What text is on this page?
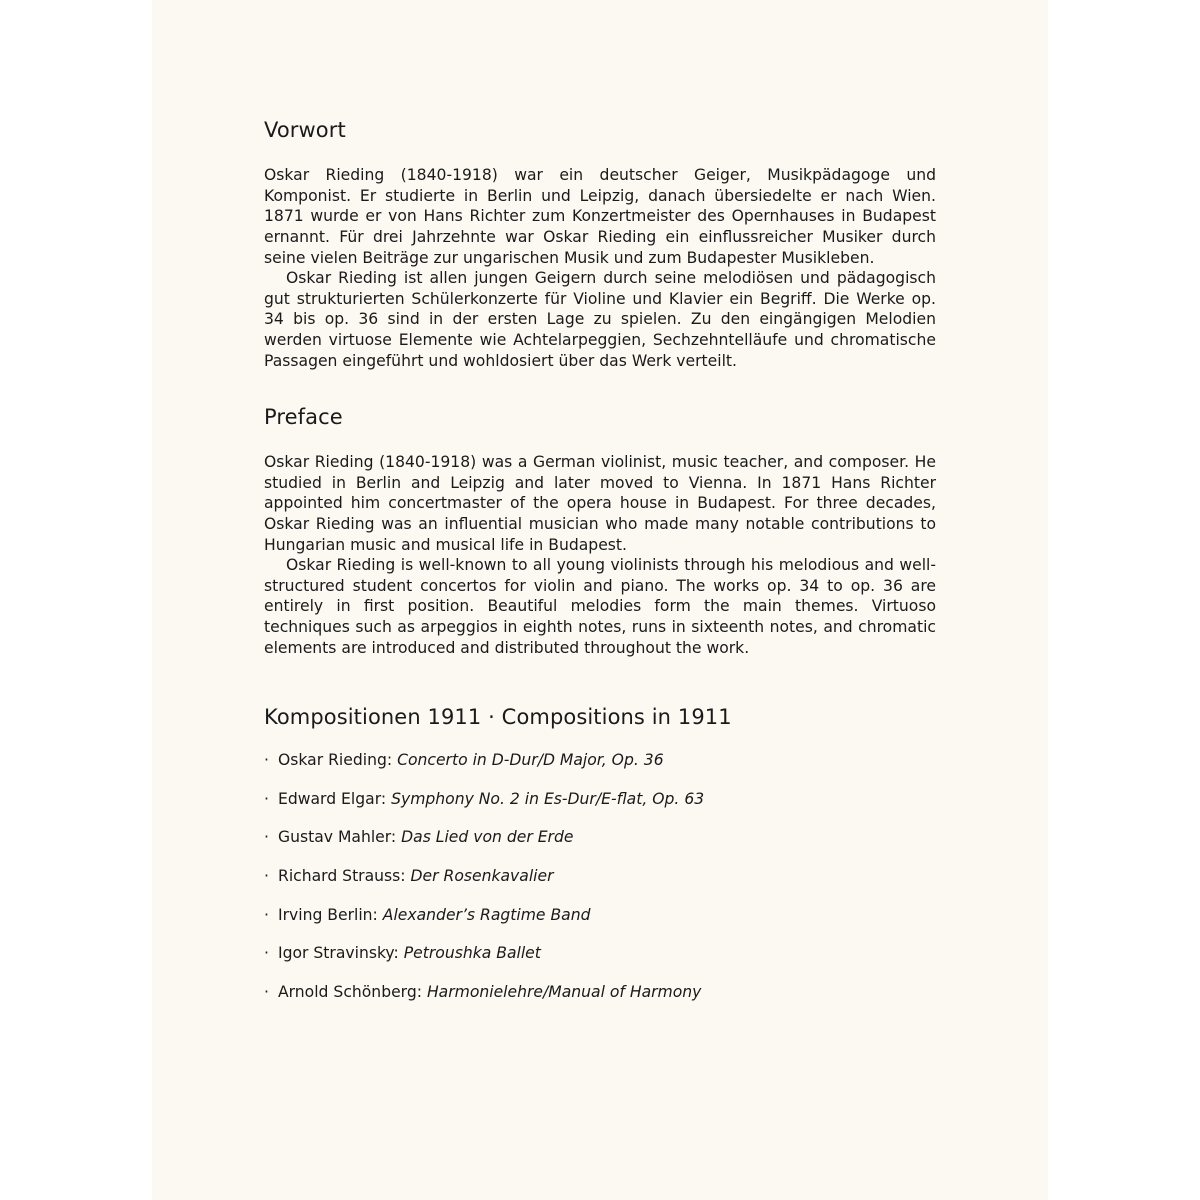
Vorwort

Oskar Rieding (1840-1918) war ein deutscher Geiger, Musikpädagoge und Komponist. Er studierte in Berlin und Leipzig, danach übersiedelte er nach Wien. 1871 wurde er von Hans Richter zum Konzertmeister des Opernhauses in Budapest ernannt. Für drei Jahrzehnte war Oskar Rieding ein einflussreicher Musiker durch seine vielen Beiträge zur ungarischen Musik und zum Budapester Musikleben.

Oskar Rieding ist allen jungen Geigern durch seine melodiösen und pädagogisch gut strukturierten Schülerkonzerte für Violine und Klavier ein Begriff. Die Werke op. 34 bis op. 36 sind in der ersten Lage zu spielen. Zu den eingängigen Melodien werden virtuose Elemente wie Achtelarpeggien, Sechzehntelläufe und chromatische Passagen eingeführt und wohldosiert über das Werk verteilt.

Preface

Oskar Rieding (1840-1918) was a German violinist, music teacher, and composer. He studied in Berlin and Leipzig and later moved to Vienna. In 1871 Hans Richter appointed him concertmaster of the opera house in Budapest. For three decades, Oskar Rieding was an influential musician who made many notable contributions to Hungarian music and musical life in Budapest.

Oskar Rieding is well-known to all young violinists through his melodious and well-structured student concertos for violin and piano. The works op. 34 to op. 36 are entirely in first position. Beautiful melodies form the main themes. Virtuoso techniques such as arpeggios in eighth notes, runs in sixteenth notes, and chromatic elements are introduced and distributed throughout the work.

Kompositionen 1911 · Compositions in 1911
· Oskar Rieding: Concerto in D-Dur/D Major, Op. 36
· Edward Elgar: Symphony No. 2 in Es-Dur/E-flat, Op. 63
· Gustav Mahler: Das Lied von der Erde
· Richard Strauss: Der Rosenkavalier
· Irving Berlin: Alexander’s Ragtime Band
· Igor Stravinsky: Petroushka Ballet
· Arnold Schönberg: Harmonielehre/Manual of Harmony
